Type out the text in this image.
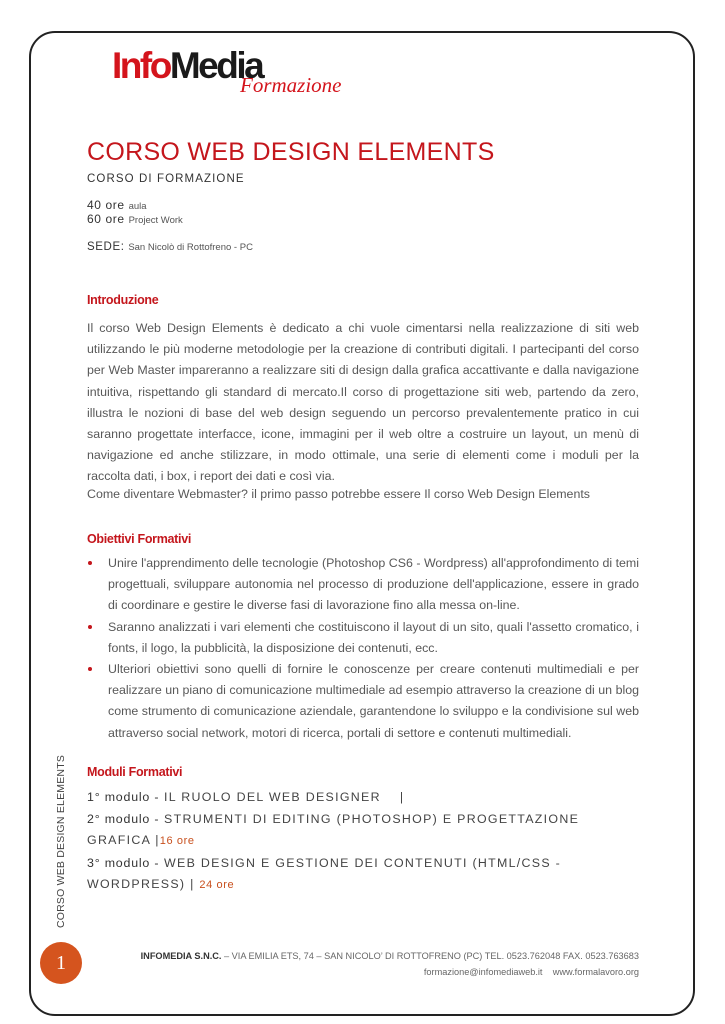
InfoMedia
Formazione
CORSO WEB DESIGN ELEMENTS
CORSO DI FORMAZIONE
40 ore aula
60 ore Project Work
SEDE: San Nicolò di Rottofreno - PC
Introduzione

Il corso Web Design Elements è dedicato a chi vuole cimentarsi nella realizzazione di siti web utilizzando le più moderne metodologie per la creazione di contributi digitali. I partecipanti del corso per Web Master impareranno a realizzare siti di design dalla grafica accattivante e dalla navigazione intuitiva, rispettando gli standard di mercato.Il corso di progettazione siti web, partendo da zero, illustra le nozioni di base del web design seguendo un percorso prevalentemente pratico in cui saranno progettate interfacce, icone, immagini per il web oltre a costruire un layout, un menù di navigazione ed anche stilizzare, in modo ottimale, una serie di elementi come i moduli per la raccolta dati, i box, i report dei dati e così via.

Come diventare Webmaster? il primo passo potrebbe essere Il corso Web Design Elements

Obiettivi Formativi
Unire l'apprendimento delle tecnologie (Photoshop CS6 - Wordpress) all'approfondimento di temi progettuali, sviluppare autonomia nel processo di produzione dell'applicazione, essere in grado di coordinare e gestire le diverse fasi di lavorazione fino alla messa on-line.
Saranno analizzati i vari elementi che costituiscono il layout di un sito, quali l'assetto cromatico, i fonts, il logo, la pubblicità, la disposizione dei contenuti, ecc.
Ulteriori obiettivi sono quelli di fornire le conoscenze per creare contenuti multimediali e per realizzare un piano di comunicazione multimediale ad esempio attraverso la creazione di un blog come strumento di comunicazione aziendale, garantendone lo sviluppo e la condivisione sul web attraverso social network, motori di ricerca, portali di settore e contenuti multimediali.
Moduli Formativi
1° modulo - IL RUOLO DEL WEB DESIGNER |
2° modulo - STRUMENTI DI EDITING (PHOTOSHOP) E PROGETTAZIONE GRAFICA |16 ore
3° modulo - WEB DESIGN E GESTIONE DEI CONTENUTI (HTML/CSS - WORDPRESS) | 24 ore
CORSO WEB DESIGN ELEMENTS
1	INFOMEDIA S.N.C. – VIA EMILIA ETS, 74 – SAN NICOLO’ DI ROTTOFRENO (PC) TEL. 0523.762048 FAX. 0523.763683
formazione@infomediaweb.it www.formalavoro.org
